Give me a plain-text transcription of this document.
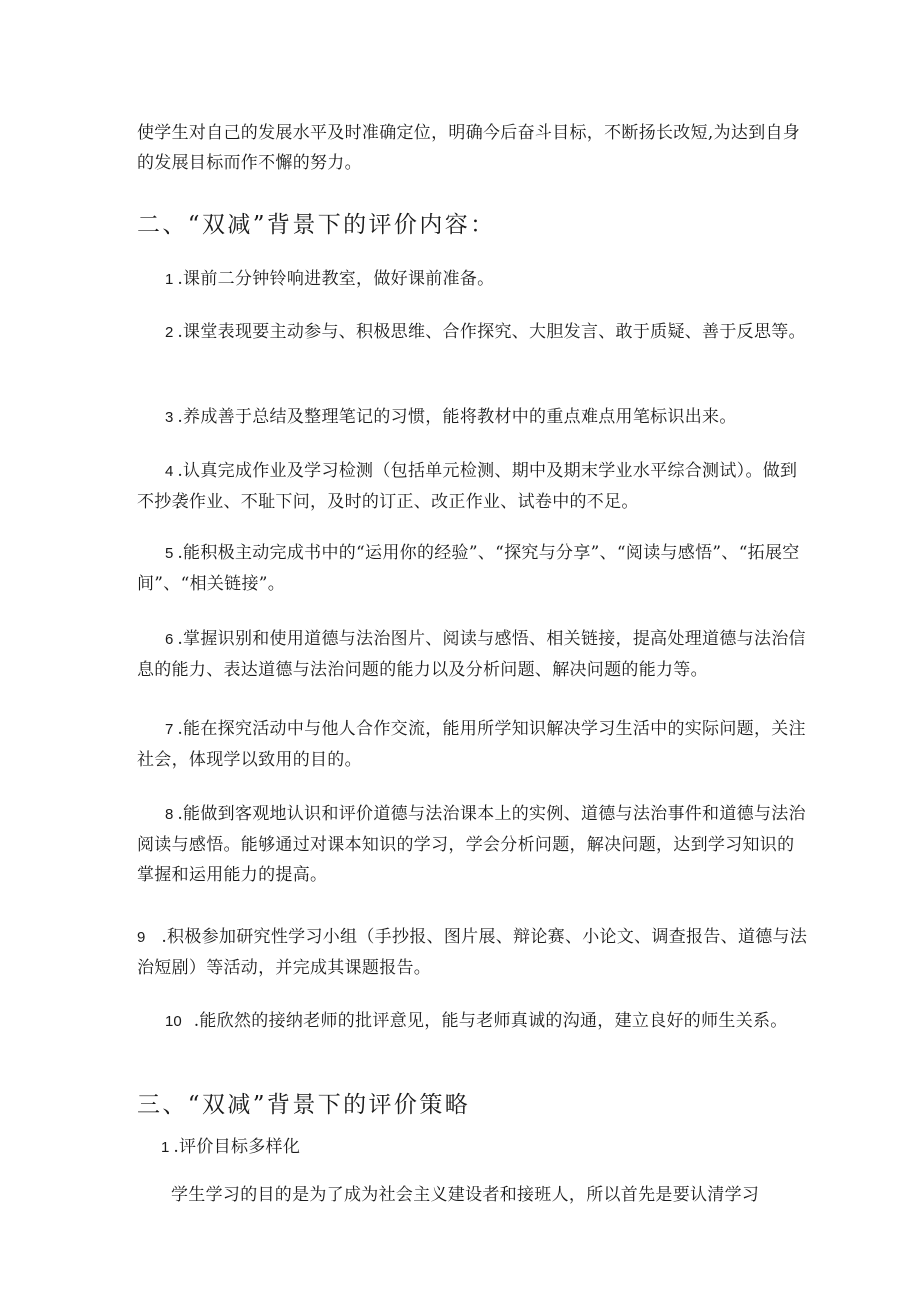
使学生对自己的发展水平及时准确定位，明确今后奋斗目标，不断扬长改短,为达到自身的发展目标而作不懈的努力。

二、“双减”背景下的评价内容：

1 .课前二分钟铃响进教室，做好课前准备。

2 .课堂表现要主动参与、积极思维、合作探究、大胆发言、敢于质疑、善于反思等。

3 .养成善于总结及整理笔记的习惯，能将教材中的重点难点用笔标识出来。

4 .认真完成作业及学习检测（包括单元检测、期中及期末学业水平综合测试）。做到不抄袭作业、不耻下问，及时的订正、改正作业、试卷中的不足。

5 .能积极主动完成书中的“运用你的经验”、“探究与分享”、“阅读与感悟”、“拓展空间”、“相关链接”。

6 .掌握识别和使用道德与法治图片、阅读与感悟、相关链接，提高处理道德与法治信息的能力、表达道德与法治问题的能力以及分析问题、解决问题的能力等。

7 .能在探究活动中与他人合作交流，能用所学知识解决学习生活中的实际问题，关注社会，体现学以致用的目的。

8 .能做到客观地认识和评价道德与法治课本上的实例、道德与法治事件和道德与法治阅读与感悟。能够通过对课本知识的学习，学会分析问题，解决问题，达到学习知识的掌握和运用能力的提高。

9 .积极参加研究性学习小组（手抄报、图片展、辩论赛、小论文、调查报告、道德与法治短剧）等活动，并完成其课题报告。

10 .能欣然的接纳老师的批评意见，能与老师真诚的沟通，建立良好的师生关系。

三、“双减”背景下的评价策略

1 .评价目标多样化

学生学习的目的是为了成为社会主义建设者和接班人，所以首先是要认清学习
